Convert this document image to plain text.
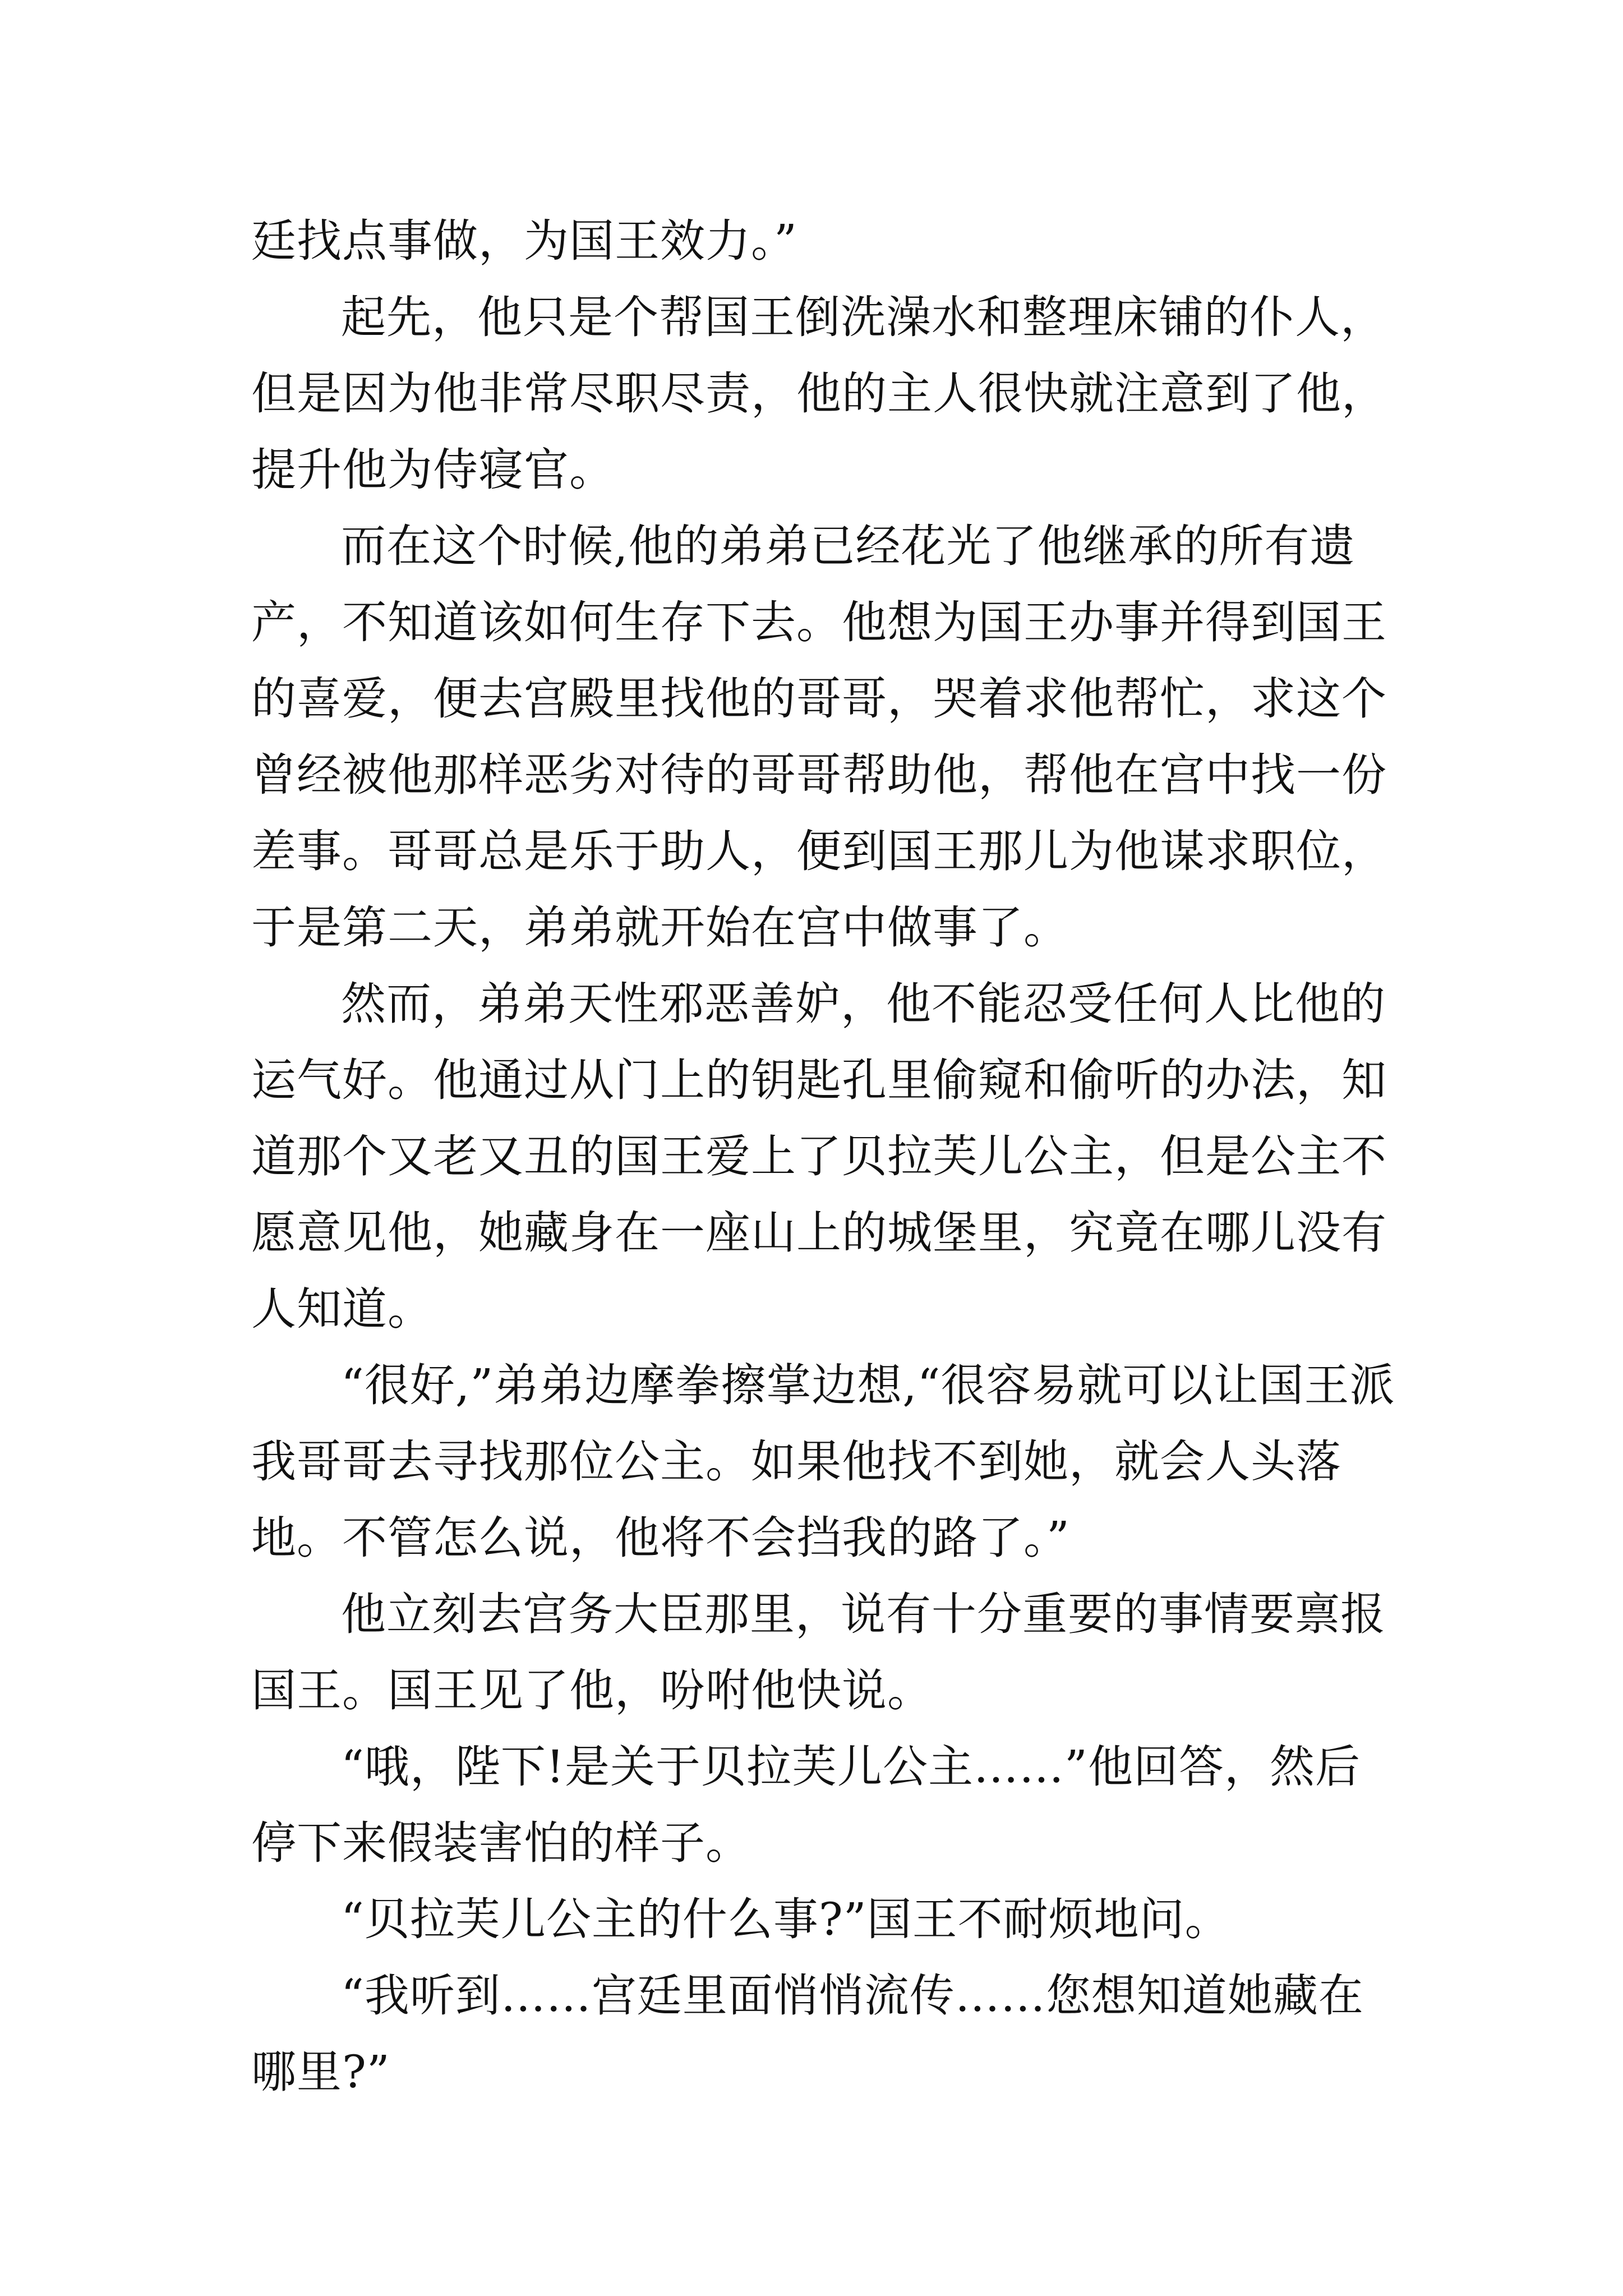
廷找点事做，为国王效力。”

起先，他只是个帮国王倒洗澡水和整理床铺的仆人，但是因为他非常尽职尽责，他的主人很快就注意到了他，提升他为侍寝官。

而在这个时候,他的弟弟已经花光了他继承的所有遗产，不知道该如何生存下去。他想为国王办事并得到国王的喜爱，便去宫殿里找他的哥哥，哭着求他帮忙，求这个曾经被他那样恶劣对待的哥哥帮助他，帮他在宫中找一份差事。哥哥总是乐于助人，便到国王那儿为他谋求职位，于是第二天，弟弟就开始在宫中做事了。

然而，弟弟天性邪恶善妒，他不能忍受任何人比他的运气好。他通过从门上的钥匙孔里偷窥和偷听的办法，知道那个又老又丑的国王爱上了贝拉芙儿公主，但是公主不愿意见他，她藏身在一座山上的城堡里，究竟在哪儿没有人知道。

“很好,”弟弟边摩拳擦掌边想,“很容易就可以让国王派我哥哥去寻找那位公主。如果他找不到她，就会人头落地。不管怎么说，他将不会挡我的路了。”

他立刻去宫务大臣那里，说有十分重要的事情要禀报国王。国王见了他，吩咐他快说。

“哦，陛下!是关于贝拉芙儿公主……”他回答，然后停下来假装害怕的样子。

“贝拉芙儿公主的什么事?”国王不耐烦地问。

“我听到……宫廷里面悄悄流传……您想知道她藏在哪里?”
